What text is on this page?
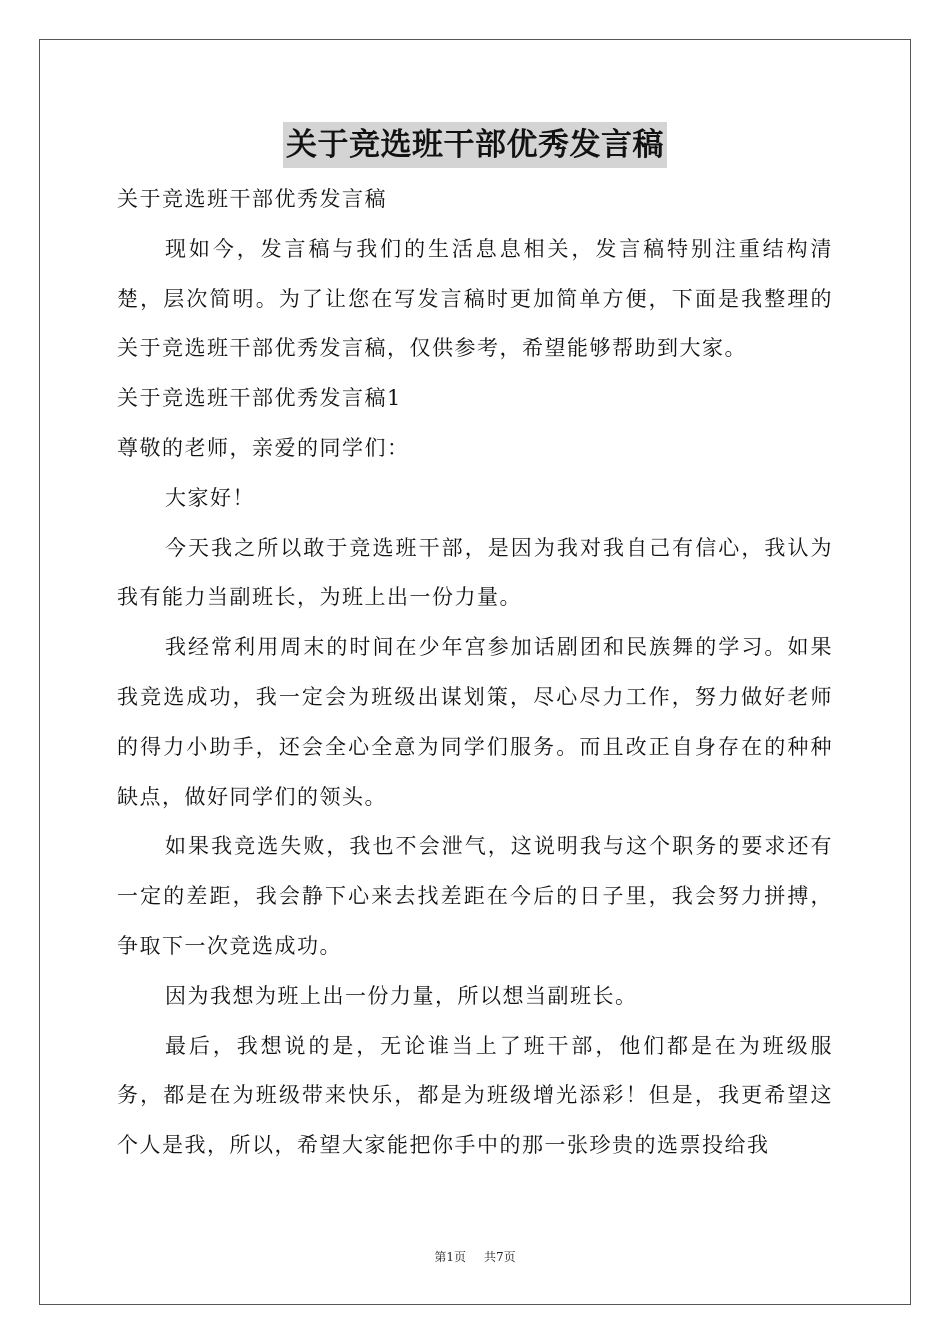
关于竞选班干部优秀发言稿

关于竞选班干部优秀发言稿

现如今，发言稿与我们的生活息息相关，发言稿特别注重结构清楚，层次简明。为了让您在写发言稿时更加简单方便，下面是我整理的关于竞选班干部优秀发言稿，仅供参考，希望能够帮助到大家。

关于竞选班干部优秀发言稿1

尊敬的老师，亲爱的同学们：

大家好！

今天我之所以敢于竞选班干部，是因为我对我自己有信心，我认为我有能力当副班长，为班上出一份力量。

我经常利用周末的时间在少年宫参加话剧团和民族舞的学习。如果我竞选成功，我一定会为班级出谋划策，尽心尽力工作，努力做好老师的得力小助手，还会全心全意为同学们服务。而且改正自身存在的种种缺点，做好同学们的领头。

如果我竞选失败，我也不会泄气，这说明我与这个职务的要求还有一定的差距，我会静下心来去找差距在今后的日子里，我会努力拼搏，争取下一次竞选成功。

因为我想为班上出一份力量，所以想当副班长。

最后，我想说的是，无论谁当上了班干部，他们都是在为班级服务，都是在为班级带来快乐，都是为班级增光添彩！但是，我更希望这个人是我，所以，希望大家能把你手中的那一张珍贵的选票投给我

第1页 共7页
